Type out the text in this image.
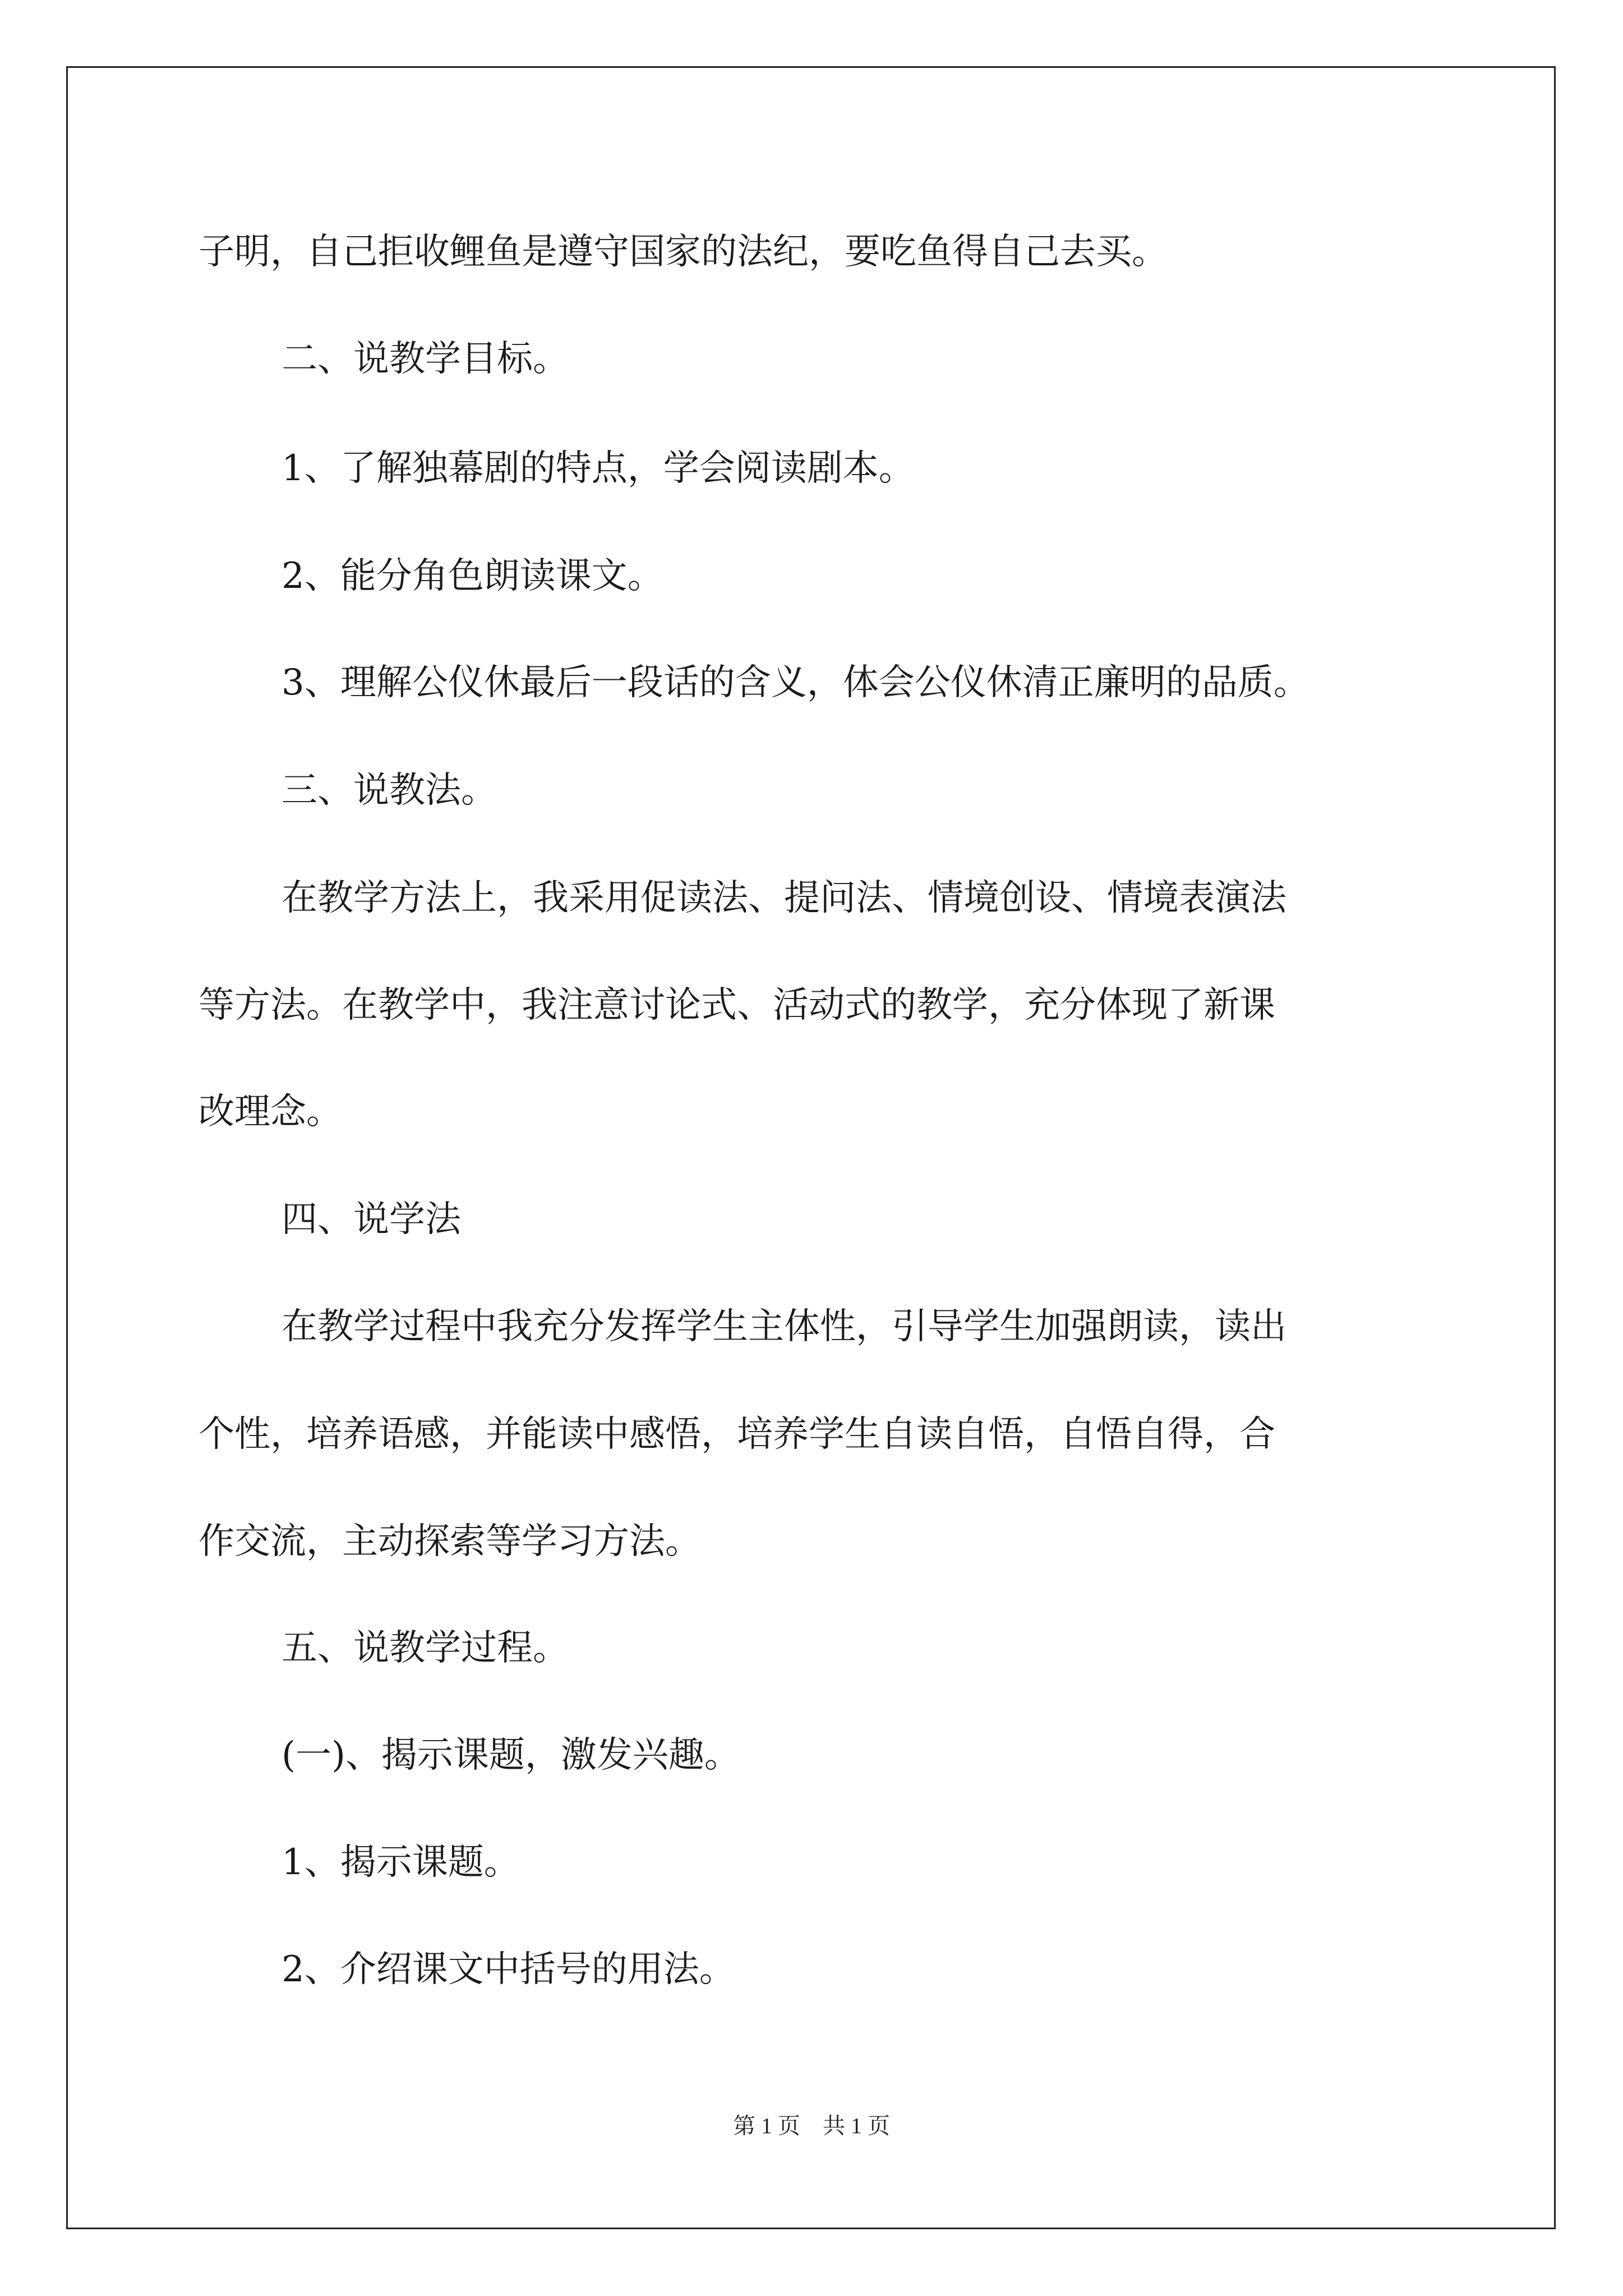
子明，自己拒收鲤鱼是遵守国家的法纪，要吃鱼得自己去买。
二、说教学目标。
1、了解独幕剧的特点，学会阅读剧本。
2、能分角色朗读课文。
3、理解公仪休最后一段话的含义，体会公仪休清正廉明的品质。
三、说教法。
在教学方法上，我采用促读法、提问法、情境创设、情境表演法
等方法。在教学中，我注意讨论式、活动式的教学，充分体现了新课
改理念。
四、说学法
在教学过程中我充分发挥学生主体性，引导学生加强朗读，读出
个性，培养语感，并能读中感悟，培养学生自读自悟，自悟自得，合
作交流，主动探索等学习方法。
五、说教学过程。
(一)、揭示课题，激发兴趣。
1、揭示课题。
2、介绍课文中括号的用法。
第 1 页　共 1 页
